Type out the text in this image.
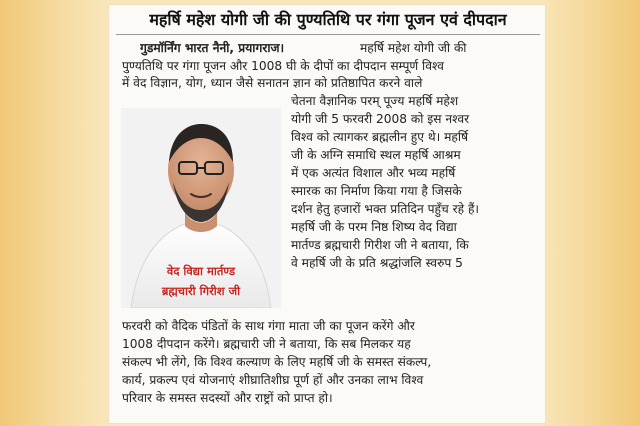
महर्षि महेश योगी जी की पुण्यतिथि पर गंगा पूजन एवं दीपदान
गुडमॉर्निंग भारत नैनी, प्रयागराज।	महर्षि महेश योगी जी की
पुण्यतिथि पर गंगा पूजन और 1008 घी के दीपों का दीपदान सम्पूर्ण विश्व
में वेद विज्ञान, योग, ध्यान जैसे सनातन ज्ञान को प्रतिष्ठापित करने वाले
चेतना वैज्ञानिक परम् पूज्य महर्षि महेश
योगी जी 5 फरवरी 2008 को इस नश्वर
विश्व को त्यागकर ब्रह्मलीन हुए थे। महर्षि
जी के अग्नि समाधि स्थल महर्षि आश्रम
में एक अत्यंत विशाल और भव्य महर्षि
स्मारक का निर्माण किया गया है जिसके
दर्शन हेतु हजारों भक्त प्रतिदिन पहुँच रहे हैं।
महर्षि जी के परम निष्ठ शिष्य वेद विद्या
मार्तण्ड ब्रह्मचारी गिरीश जी ने बताया, कि
वे महर्षि जी के प्रति श्रद्धांजलि स्वरुप 5
फरवरी को वैदिक पंडितों के साथ गंगा माता जी का पूजन करेंगे और
1008 दीपदान करेंगे। ब्रह्मचारी जी ने बताया, कि सब मिलकर यह
संकल्प भी लेंगे, कि विश्व कल्याण के लिए महर्षि जी के समस्त संकल्प,
कार्य, प्रकल्प एवं योजनाएं शीघ्रातिशीघ्र पूर्ण हों और उनका लाभ विश्व
परिवार के समस्त सदस्यों और राष्ट्रों को प्राप्त हो।
वेद विद्या मार्तण्ड
ब्रह्मचारी गिरीश जी
